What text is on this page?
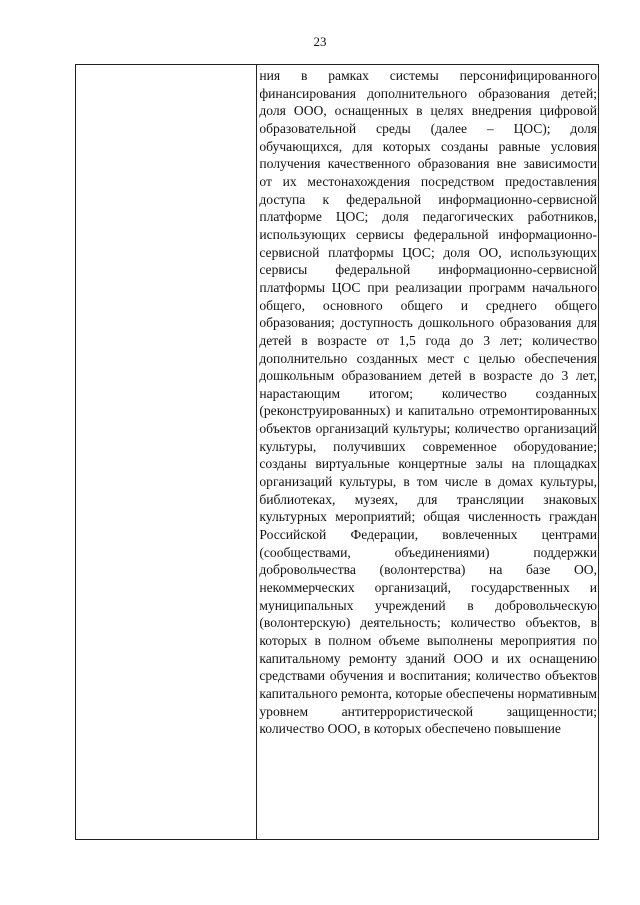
23

ния в рамках системы персонифицированного финансирования дополнительного образования детей; доля ООО, оснащенных в целях внедрения цифровой образовательной среды (далее – ЦОС); доля обучающихся, для которых созданы равные условия получения качественного образования вне зависимости от их местонахождения посредством предоставления доступа к федеральной информационно-сервисной платформе ЦОС; доля педагогических работников, использующих сервисы федеральной информационно-сервисной платформы ЦОС; доля ОО, использующих сервисы федеральной информационно-сервисной платформы ЦОС при реализации программ начального общего, основного общего и среднего общего образования; доступность дошкольного образования для детей в возрасте от 1,5 года до 3 лет; количество дополнительно созданных мест с целью обеспечения дошкольным образованием детей в возрасте до 3 лет, нарастающим итогом; количество созданных (реконструированных) и капитально отремонтированных объектов организаций культуры; количество организаций культуры, получивших современное оборудование; созданы виртуальные концертные залы на площадках организаций культуры, в том числе в домах культуры, библиотеках, музеях, для трансляции знаковых культурных мероприятий; общая численность граждан Российской Федерации, вовлеченных центрами (сообществами, объединениями) поддержки добровольчества (волонтерства) на базе ОО, некоммерческих организаций, государственных и муниципальных учреждений в добровольческую (волонтерскую) деятельность; количество объектов, в которых в полном объеме выполнены мероприятия по капитальному ремонту зданий ООО и их оснащению средствами обучения и воспитания; количество объектов капитального ремонта, которые обеспечены нормативным уровнем антитеррористической защищенности; количество ООО, в которых обеспечено повышение
